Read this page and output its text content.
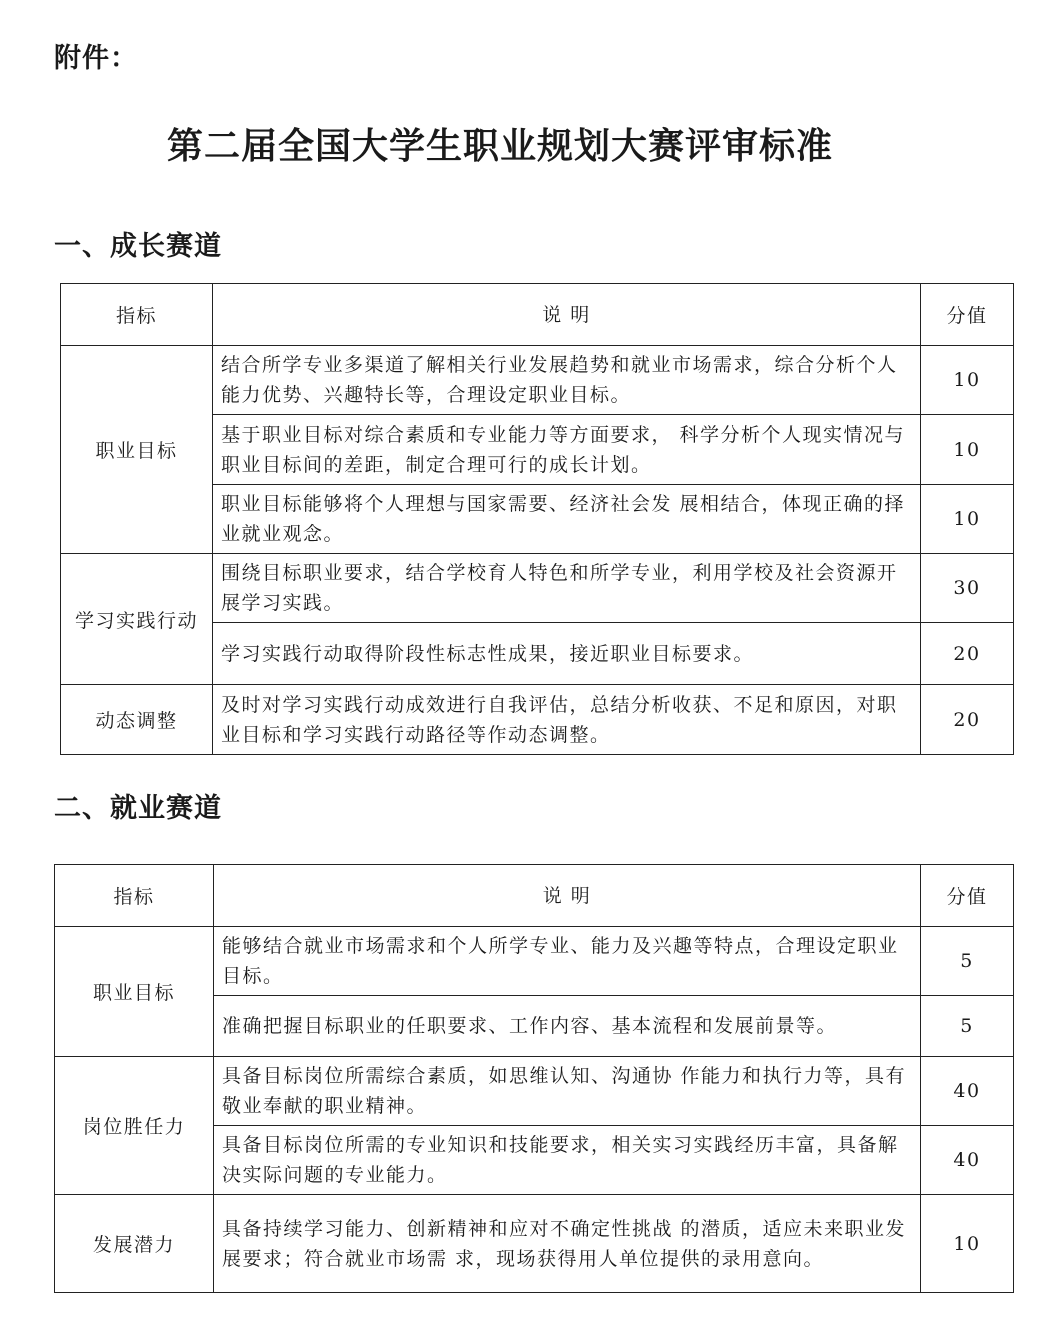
附件：
第二届全国大学生职业规划大赛评审标准
一、成长赛道
指标	说 明	分值
职业目标	结合所学专业多渠道了解相关行业发展趋势和就业市场需求，综合分析个人能力优势、兴趣特长等，合理设定职业目标。	10
	基于职业目标对综合素质和专业能力等方面要求， 科学分析个人现实情况与职业目标间的差距，制定合理可行的成长计划。	10
	职业目标能够将个人理想与国家需要、经济社会发 展相结合，体现正确的择业就业观念。	10
学习实践行动	围绕目标职业要求，结合学校育人特色和所学专业，利用学校及社会资源开展学习实践。	30
	学习实践行动取得阶段性标志性成果，接近职业目标要求。	20
动态调整	及时对学习实践行动成效进行自我评估，总结分析收获、不足和原因，对职业目标和学习实践行动路径等作动态调整。	20
二、就业赛道
指标	说 明	分值
职业目标	能够结合就业市场需求和个人所学专业、能力及兴趣等特点，合理设定职业目标。	5
	准确把握目标职业的任职要求、工作内容、基本流程和发展前景等。	5
岗位胜任力	具备目标岗位所需综合素质，如思维认知、沟通协 作能力和执行力等，具有敬业奉献的职业精神。	40
	具备目标岗位所需的专业知识和技能要求，相关实习实践经历丰富，具备解决实际问题的专业能力。	40
发展潜力	具备持续学习能力、创新精神和应对不确定性挑战 的潜质，适应未来职业发展要求；符合就业市场需 求，现场获得用人单位提供的录用意向。	10
